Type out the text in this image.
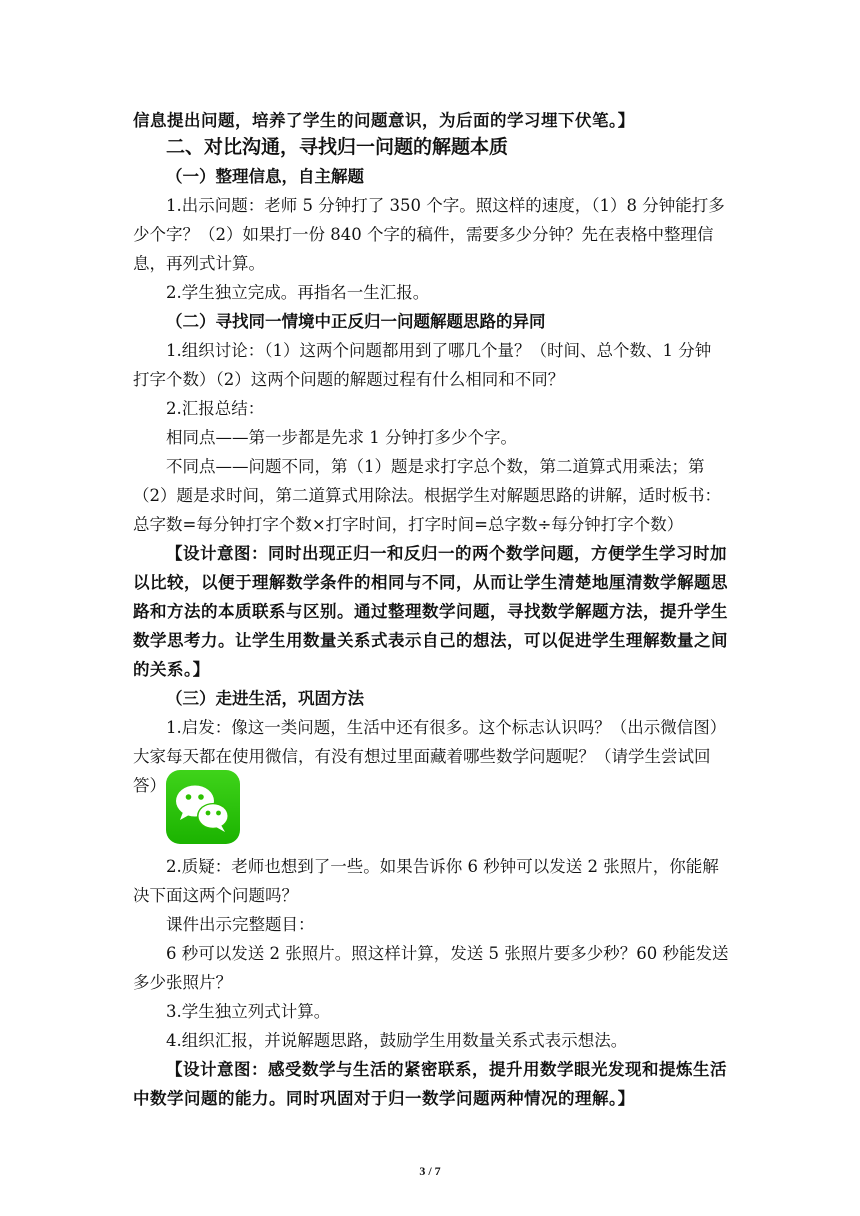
信息提出问题，培养了学生的问题意识，为后面的学习埋下伏笔。】

二、对比沟通，寻找归一问题的解题本质

（一）整理信息，自主解题

1.出示问题：老师 5 分钟打了 350 个字。照这样的速度，（1）8 分钟能打多

少个字？（2）如果打一份 840 个字的稿件，需要多少分钟？先在表格中整理信

息，再列式计算。

2.学生独立完成。再指名一生汇报。

（二）寻找同一情境中正反归一问题解题思路的异同

1.组织讨论：（1）这两个问题都用到了哪几个量？（时间、总个数、1 分钟

打字个数）（2）这两个问题的解题过程有什么相同和不同？

2.汇报总结：

相同点——第一步都是先求 1 分钟打多少个字。

不同点——问题不同，第（1）题是求打字总个数，第二道算式用乘法；第

（2）题是求时间，第二道算式用除法。根据学生对解题思路的讲解，适时板书：

总字数=每分钟打字个数×打字时间，打字时间=总字数÷每分钟打字个数）

【设计意图：同时出现正归一和反归一的两个数学问题，方便学生学习时加

以比较，以便于理解数学条件的相同与不同，从而让学生清楚地厘清数学解题思

路和方法的本质联系与区别。通过整理数学问题，寻找数学解题方法，提升学生

数学思考力。让学生用数量关系式表示自己的想法，可以促进学生理解数量之间

的关系。】

（三）走进生活，巩固方法

1.启发：像这一类问题，生活中还有很多。这个标志认识吗？（出示微信图）

大家每天都在使用微信，有没有想过里面藏着哪些数学问题呢？（请学生尝试回

答）

2.质疑：老师也想到了一些。如果告诉你 6 秒钟可以发送 2 张照片，你能解

决下面这两个问题吗？

课件出示完整题目：

6 秒可以发送 2 张照片。照这样计算，发送 5 张照片要多少秒？60 秒能发送

多少张照片？

3.学生独立列式计算。

4.组织汇报，并说解题思路，鼓励学生用数量关系式表示想法。

【设计意图：感受数学与生活的紧密联系，提升用数学眼光发现和提炼生活

中数学问题的能力。同时巩固对于归一数学问题两种情况的理解。】

3 / 7
